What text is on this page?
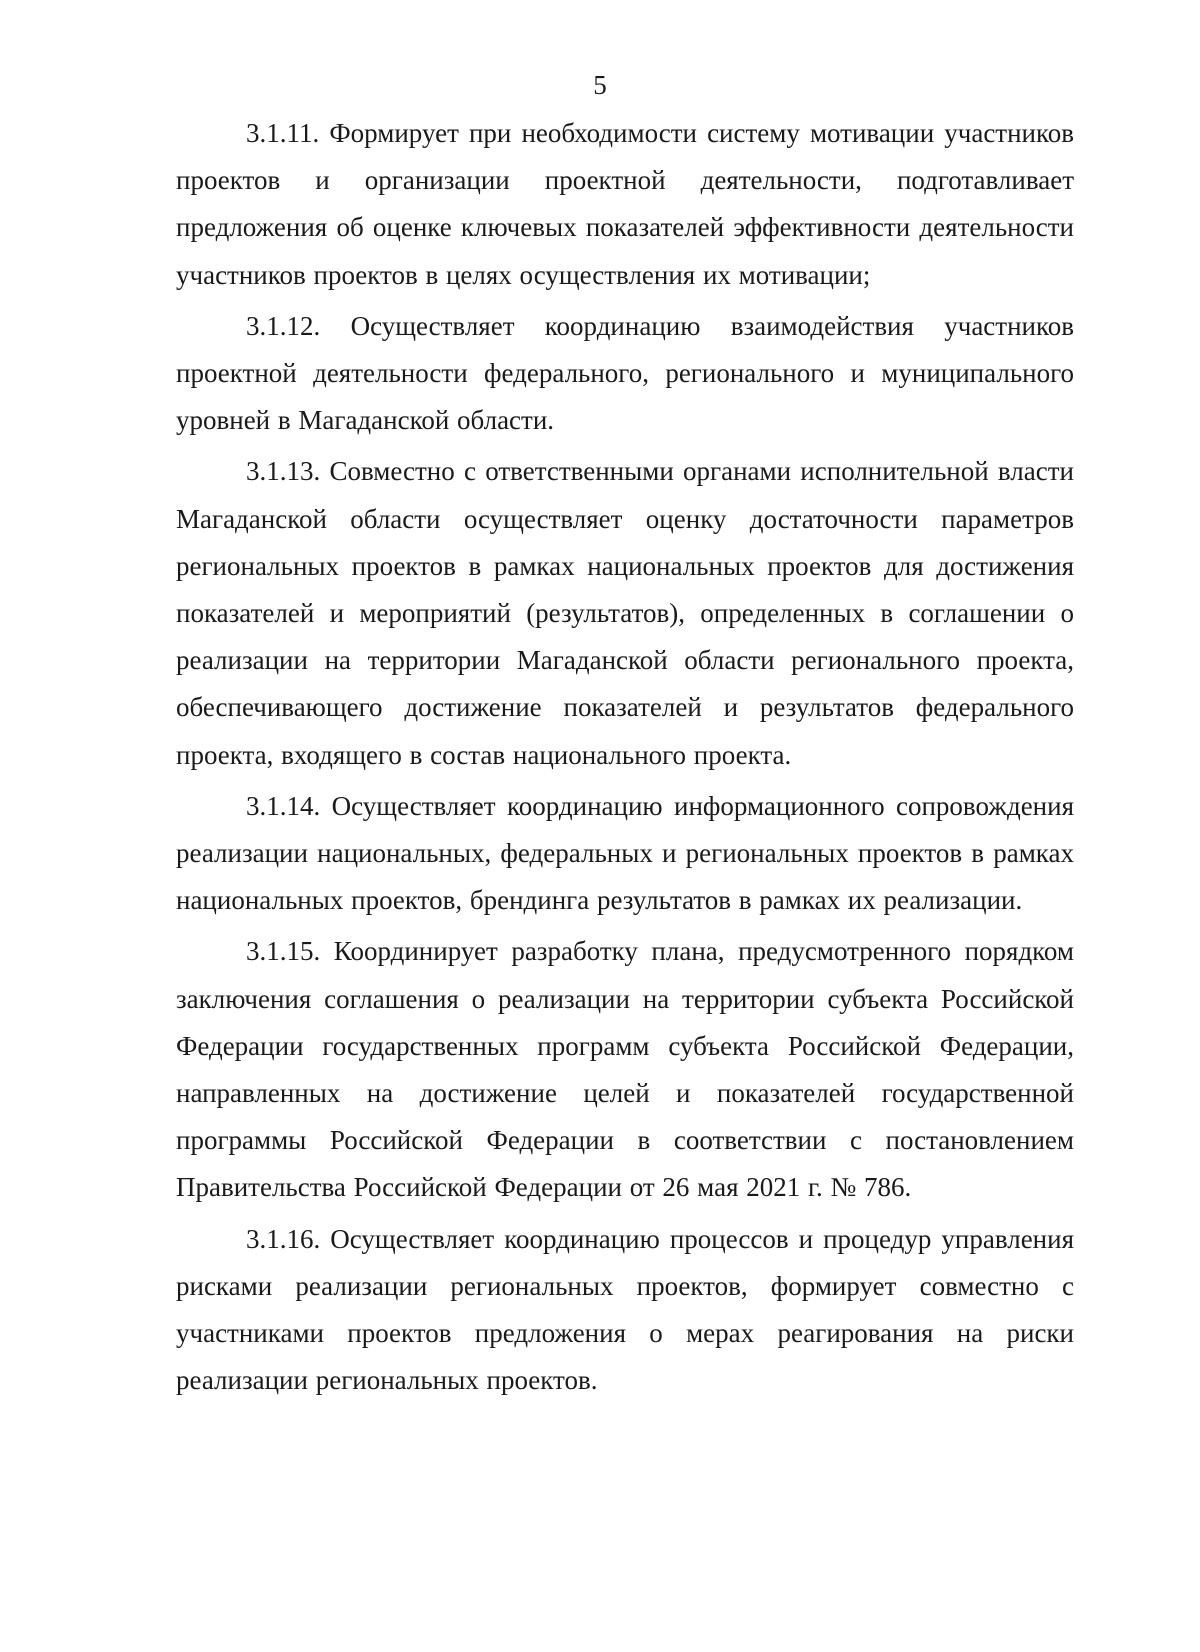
5

3.1.11. Формирует при необходимости систему мотивации участников проектов и организации проектной деятельности, подготавливает предложения об оценке ключевых показателей эффективности деятельности участников проектов в целях осуществления их мотивации;

3.1.12. Осуществляет координацию взаимодействия участников проектной деятельности федерального, регионального и муниципального уровней в Магаданской области.

3.1.13. Совместно с ответственными органами исполнительной власти Магаданской области осуществляет оценку достаточности параметров региональных проектов в рамках национальных проектов для достижения показателей и мероприятий (результатов), определенных в соглашении о реализации на территории Магаданской области регионального проекта, обеспечивающего достижение показателей и результатов федерального проекта, входящего в состав национального проекта.

3.1.14. Осуществляет координацию информационного сопровождения реализации национальных, федеральных и региональных проектов в рамках национальных проектов, брендинга результатов в рамках их реализации.

3.1.15. Координирует разработку плана, предусмотренного порядком заключения соглашения о реализации на территории субъекта Российской Федерации государственных программ субъекта Российской Федерации, направленных на достижение целей и показателей государственной программы Российской Федерации в соответствии с постановлением Правительства Российской Федерации от 26 мая 2021 г. № 786.

3.1.16. Осуществляет координацию процессов и процедур управления рисками реализации региональных проектов, формирует совместно с участниками проектов предложения о мерах реагирования на риски реализации региональных проектов.
